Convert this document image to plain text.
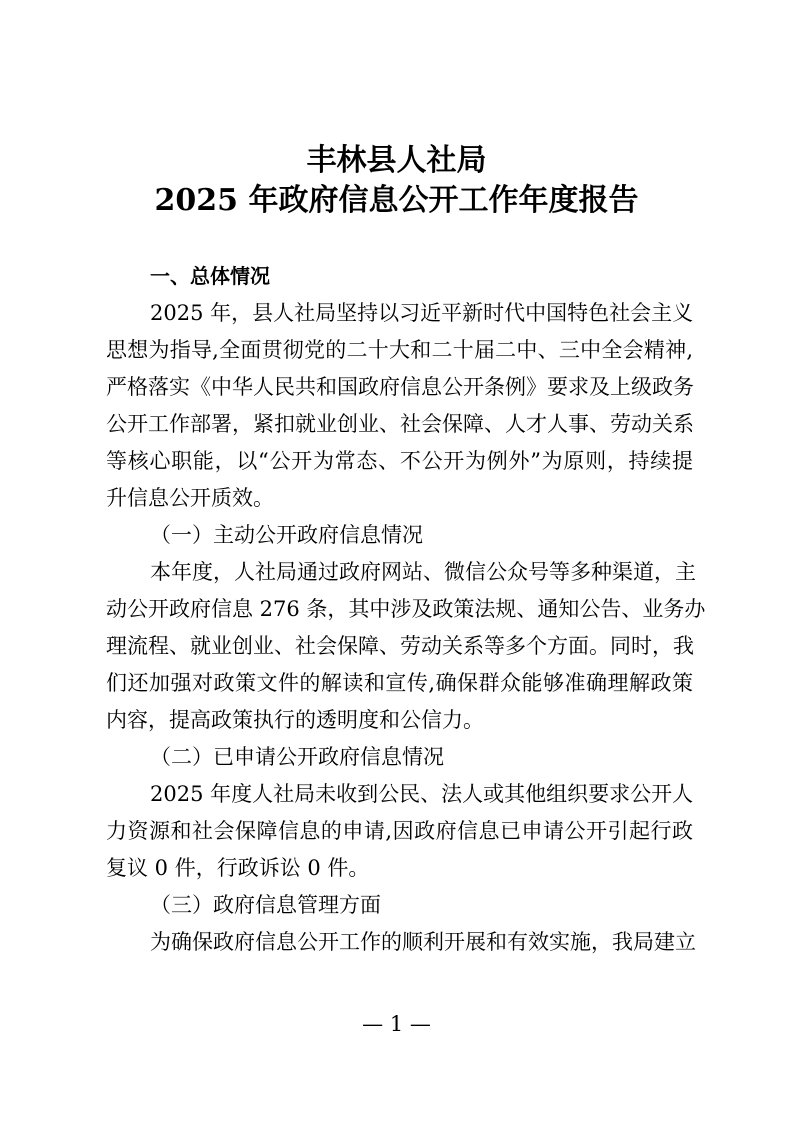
丰林县人社局
2025 年政府信息公开工作年度报告
一、总体情况
2025 年，县人社局坚持以习近平新时代中国特色社会主义
思想为指导,全面贯彻党的二十大和二十届二中、三中全会精神,
严格落实《中华人民共和国政府信息公开条例》要求及上级政务
公开工作部署，紧扣就业创业、社会保障、人才人事、劳动关系
等核心职能，以“公开为常态、不公开为例外”为原则，持续提
升信息公开质效。
（一）主动公开政府信息情况
本年度，人社局通过政府网站、微信公众号等多种渠道，主
动公开政府信息 276 条，其中涉及政策法规、通知公告、业务办
理流程、就业创业、社会保障、劳动关系等多个方面。同时，我
们还加强对政策文件的解读和宣传,确保群众能够准确理解政策
内容，提高政策执行的透明度和公信力。
（二）已申请公开政府信息情况
2025 年度人社局未收到公民、法人或其他组织要求公开人
力资源和社会保障信息的申请,因政府信息已申请公开引起行政
复议 0 件，行政诉讼 0 件。
（三）政府信息管理方面
为确保政府信息公开工作的顺利开展和有效实施，我局建立
— 1 —
